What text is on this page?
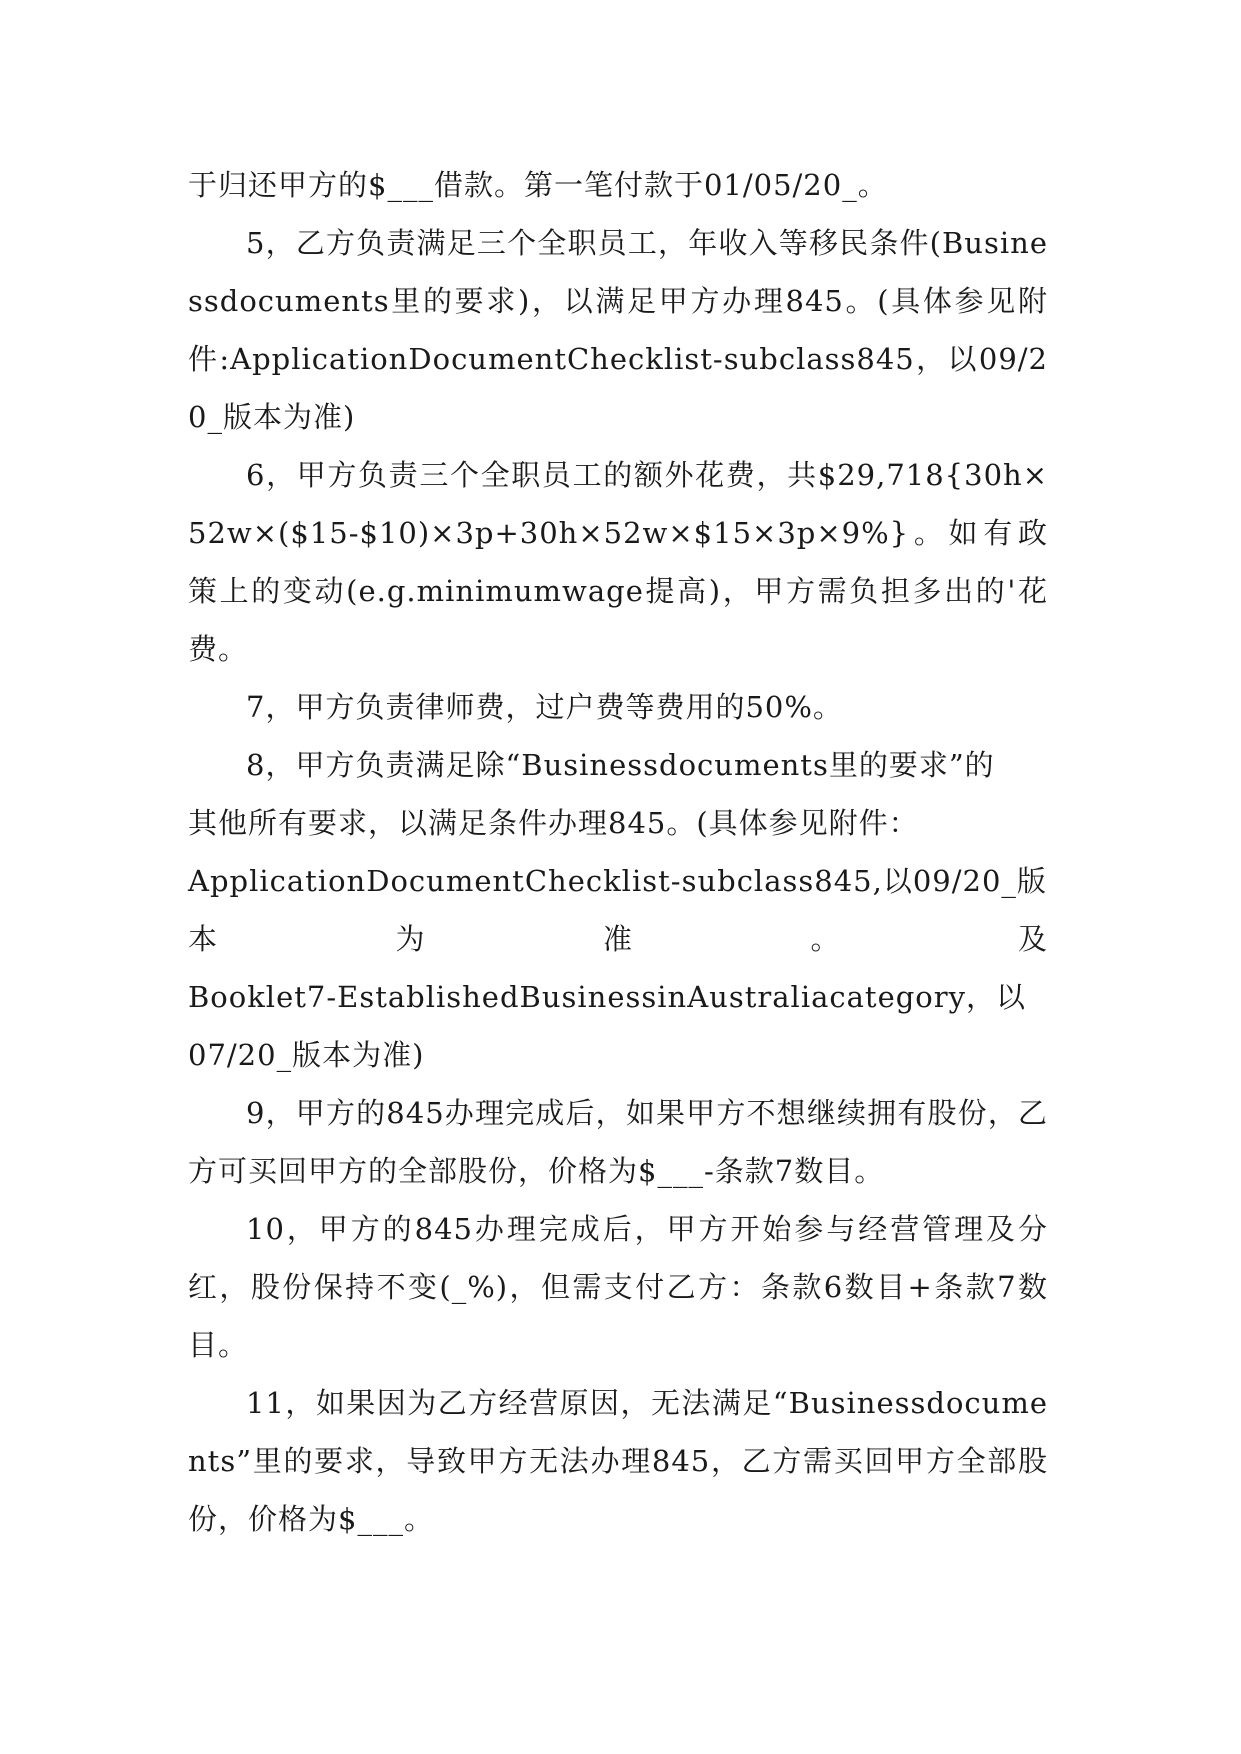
于归还甲方的$___借款。第一笔付款于01/05/20_。

5，乙方负责满足三个全职员工，年收入等移民条件(Businessdocuments里的要求)，以满足甲方办理845。(具体参见附件:ApplicationDocumentChecklist-subclass845，以09/20_版本为准)

6，甲方负责三个全职员工的额外花费，共$29,718{30h×52w×($15-$10)×3p+30h×52w×$15×3p×9%}。如有政策上的变动(e.g.minimumwage提高)，甲方需负担多出的'花费。

7，甲方负责律师费，过户费等费用的50%。

8，甲方负责满足除“Businessdocuments里的要求”的
其他所有要求，以满足条件办理845。(具体参见附件：
ApplicationDocumentChecklist-subclass845,以09/20_版
本	为	准	。	及
Booklet7-EstablishedBusinessinAustraliacategory，以
07/20_版本为准)

9，甲方的845办理完成后，如果甲方不想继续拥有股份，乙方可买回甲方的全部股份，价格为$___-条款7数目。

10，甲方的845办理完成后，甲方开始参与经营管理及分红，股份保持不变(_%)，但需支付乙方：条款6数目+条款7数目。

11，如果因为乙方经营原因，无法满足“Businessdocuments”里的要求，导致甲方无法办理845，乙方需买回甲方全部股份，价格为$___。
